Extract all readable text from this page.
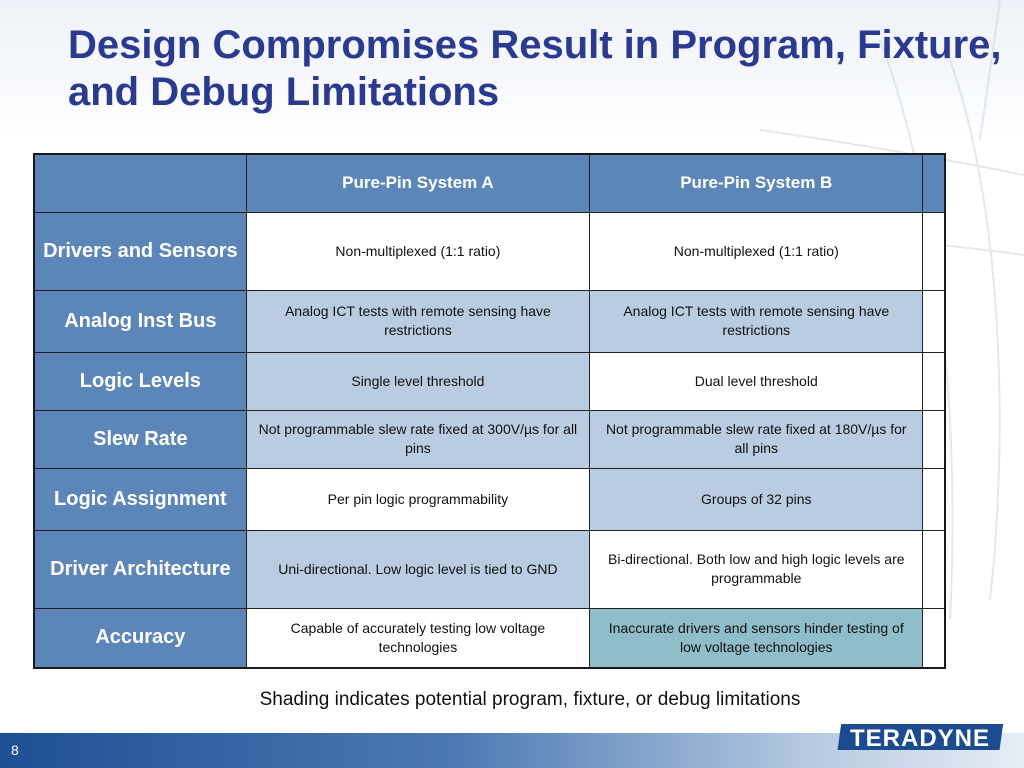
Design Compromises Result in Program, Fixture, and Debug Limitations
	Pure-Pin System A	Pure-Pin System B	
Drivers and Sensors	Non-multiplexed (1:1 ratio)	Non-multiplexed (1:1 ratio)	
Analog Inst Bus	Analog ICT tests with remote sensing have restrictions	Analog ICT tests with remote sensing have restrictions	
Logic Levels	Single level threshold	Dual level threshold	
Slew Rate	Not programmable slew rate fixed at 300V/µs for all pins	Not programmable slew rate fixed at 180V/µs for all pins	
Logic Assignment	Per pin logic programmability	Groups of 32 pins	
Driver Architecture	Uni-directional. Low logic level is tied to GND	Bi-directional. Both low and high logic levels are programmable	
Accuracy	Capable of accurately testing low voltage technologies	Inaccurate drivers and sensors hinder testing of low voltage technologies	
Shading indicates potential program, fixture, or debug limitations
8	TERADYNE
